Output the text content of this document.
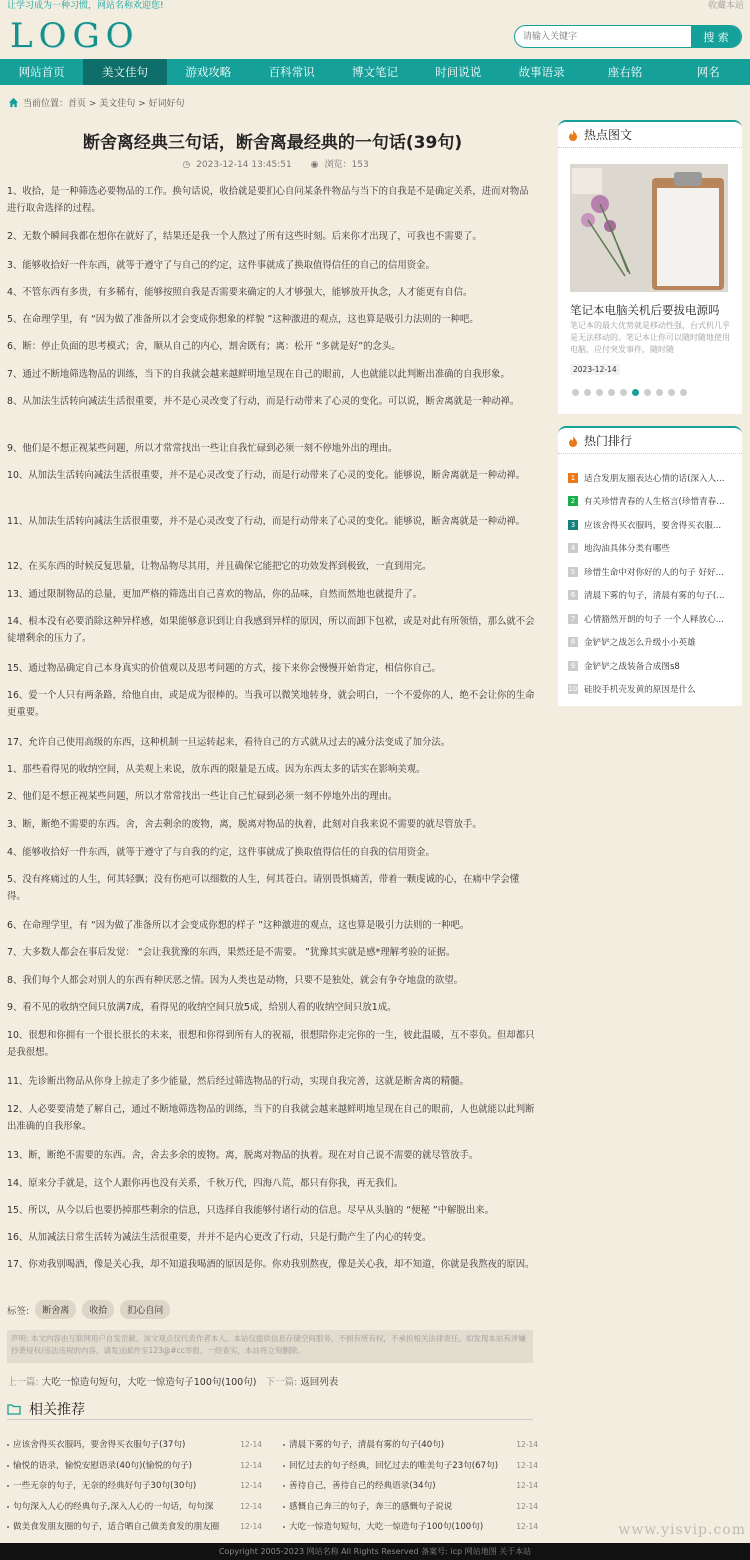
让学习成为一种习惯，网站名称欢迎您!	收藏本站
LOGO
请输入关键字	搜 索
网站首页	美文佳句	游戏攻略	百科常识	博文笔记	时间说说	故事语录	座右铭	网名
当前位置：首页 > 美文佳句 > 好词好句
断舍离经典三句话，断舍离最经典的一句话(39句)
◷ 2023-12-14 13:45:51 ◉ 浏览：153
1、收拾，是一种筛选必要物品的工作。换句话说，收拾就是要扪心自问某条件物品与当下的自我是不是确定关系，进而对物品进行取舍选择的过程。
2、无数个瞬间我都在想你在就好了，结果还是我一个人熬过了所有这些时刻。后来你才出现了，可我也不需要了。
3、能够收拾好一件东西，就等于遵守了与自己的约定，这件事就成了换取值得信任的自己的信用资金。
4、不管东西有多贵，有多稀有，能够按照自我是否需要来确定的人才够强大，能够放开执念，人才能更有自信。
5、在命理学里，有 “因为做了准备所以才会变成你想象的样貌 ”这种激进的观点，这也算是吸引力法则的一种吧。
6、断：停止负面的思考模式；舍，顺从自己的内心，割舍既有；离：松开 “多就是好”的念头。
7、通过不断地筛选物品的训练，当下的自我就会越来越鲜明地呈现在自己的眼前，人也就能以此判断出准确的自我形象。
8、从加法生活转向减法生活很重要，并不是心灵改变了行动，而是行动带来了心灵的变化。可以说，断舍离就是一种动禅。
9、他们是不想正视某些问题，所以才常常找出一些让自我忙碌到必须一刻不停地外出的理由。
10、从加法生活转向减法生活很重要，并不是心灵改变了行动，而是行动带来了心灵的变化。能够说，断舍离就是一种动禅。
11、从加法生活转向减法生活很重要，并不是心灵改变了行动，而是行动带来了心灵的变化。能够说，断舍离就是一种动禅。
12、在买东西的时候反复思量，让物品物尽其用，并且确保它能把它的功效发挥到极致，一直到用完。
13、通过限制物品的总量，更加严格的筛选出自己喜欢的物品，你的品味，自然而然地也就提升了。
14、根本没有必要消除这种异样感，如果能够意识到让自我感到异样的原因，所以而卸下包袱，或是对此有所领悟，那么就不会徒增剩余的压力了。
15、通过物品确定自己本身真实的价值观以及思考问题的方式，接下来你会慢慢开始肯定，相信你自己。
16、爱一个人只有两条路，给他自由，或是成为很棒的。当我可以微笑地转身，就会明白，一个不爱你的人，绝不会让你的生命更重要。
17、允许自己使用高级的东西，这种机制一旦运转起来，看待自己的方式就从过去的减分法变成了加分法。
1、那些看得见的收纳空间，从美观上来说，放东西的限量是五成。因为东西太多的话实在影响美观。
2、他们是不想正视某些问题，所以才常常找出一些让自己忙碌到必须一刻不停地外出的理由。
3、断，断绝不需要的东西。舍，舍去剩余的废物，离，脱离对物品的执着，此刻对自我来说不需要的就尽管放手。
4、能够收拾好一件东西，就等于遵守了与自我的约定，这件事就成了换取值得信任的自我的信用资金。
5、没有疼痛过的人生，何其轻飘；没有伤疤可以细数的人生，何其苍白。请别畏惧痛苦，带着一颗虔诚的心，在痛中学会懂得。
6、在命理学里，有 “因为做了准备所以才会变成你想的样子 ”这种激进的观点，这也算是吸引力法则的一种吧。
7、大多数人都会在事后发觉： “会让我犹豫的东西，果然还是不需要。 ”犹豫其实就是感*理解考验的证据。
8、我们每个人都会对别人的东西有种厌恶之情。因为人类也是动物，只要不是独处，就会有争夺地盘的欲望。
9、看不见的收纳空间只放满7成，看得见的收纳空间只放5成，给别人看的收纳空间只放1成。
10、很想和你拥有一个很长很长的未来，很想和你得到所有人的祝福，很想陪你走完你的一生，彼此温暖，互不辜负。但却都只是我很想。
11、先诊断出物品从你身上掠走了多少能量，然后经过筛选物品的行动，实现自我完善，这就是断舍离的精髓。
12、人必要要清楚了解自己，通过不断地筛选物品的训练，当下的自我就会越来越鲜明地呈现在自己的眼前，人也就能以此判断出准确的自我形象。
13、断，断绝不需要的东西。舍，舍去多余的废物。离，脱离对物品的执着。现在对自己说不需要的就尽管放手。
14、原来分手就是，这个人跟你再也没有关系，千秋万代，四海八荒，都只有你我，再无我们。
15、所以，从今以后也要扔掉那些剩余的信息，只选择自我能够付诸行动的信息。尽早从头脑的 “便秘 ”中解脱出来。
16、从加减法日常生活转为减法生活很重要，并并不是内心更改了行动，只是行動产生了内心的转变。
17、你劝我别喝酒，像是关心我，却不知道我喝酒的原因是你。你劝我别熬夜，像是关心我，却不知道，你就是我熬夜的原因。
标签:	断舍离	收拾	扪心自问
声明: 本文内容由互联网用户自发贡献，该文观点仅代表作者本人。本站仅提供信息存储空间服务，不拥有所有权，不承担相关法律责任。如发现本站有涉嫌抄袭侵权/违法违规的内容，请发送邮件至123@#cc举报，一经查实，本站将立刻删除。
上一篇: 大吃一惊造句短句，大吃一惊造句子100句(100句) 下一篇: 返回列表
相关推荐
应该舍得买衣服吗，要舍得买衣服句子(37句)	12-14	清晨下雾的句子，清晨有雾的句子(40句)	12-14
愉悦的语录，愉悦安慰语录(40句)(愉悦的句子)	12-14	回忆过去的句子经典，回忆过去的唯美句子23句(67句) 12-14
一些无奈的句子，无奈的经典好句子30句(30句)	12-14	善待自己，善待自己的经典语录(34句)	12-14
句句深入人心的经典句子,深入人心的一句话，句句深	12-14	感慨自己奔三的句子，奔三的感慨句子说说	12-14
做美食发朋友圈的句子，适合晒自己做美食发的朋友圈	12-14	大吃一惊造句短句，大吃一惊造句子100句(100句)	12-14
热点图文
笔记本电脑关机后要拔电源吗
笔记本的最大优势就是移动性强，台式机几乎是无法移动的。笔记本让你可以随时随地使用电脑，应付突发事件，随时随
2023-12-14
热门排行
1	适合发朋友圈表达心情的话(深入人...
2	有关珍惜青春的人生格言(珍惜青春...
3	应该舍得买衣服吗，要舍得买衣服...
4	地沟油具体分类有哪些
5	珍惜生命中对你好的人的句子 好好...
6	清晨下雾的句子，清晨有雾的句子(...
7	心情豁然开朗的句子 一个人释放心...
8	金铲铲之战怎么升级小小英雄
9	金铲铲之战装备合成图s8
10 硅胶手机壳发黄的原因是什么
www.yisvip.com
Copyright 2005-2023 网站名称 All Rights Reserved 备案号: icp 网站地图 关于本站
